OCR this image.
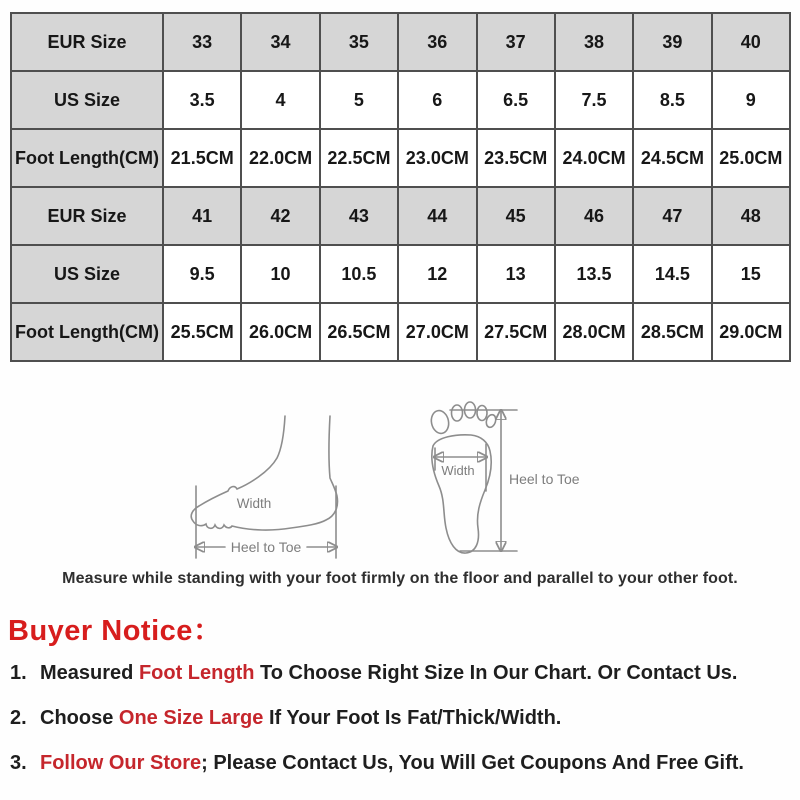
EUR Size	33	34	35	36	37	38	39	40
US Size	3.5	4	5	6	6.5	7.5	8.5	9
Foot Length(CM)	21.5CM	22.0CM	22.5CM	23.0CM	23.5CM	24.0CM	24.5CM	25.0CM
EUR Size	41	42	43	44	45	46	47	48
US Size	9.5	10	10.5	12	13	13.5	14.5	15
Foot Length(CM)	25.5CM	26.0CM	26.5CM	27.0CM	27.5CM	28.0CM	28.5CM	29.0CM
Width
Heel to Toe
Width
Heel to Toe
Measure while standing with your foot firmly on the floor and parallel to your other foot.
Buyer Notice：
1. Measured Foot Length To Choose Right Size In Our Chart. Or Contact Us.
2. Choose One Size Large If Your Foot Is Fat/Thick/Width.
3. Follow Our Store; Please Contact Us, You Will Get Coupons And Free Gift.
